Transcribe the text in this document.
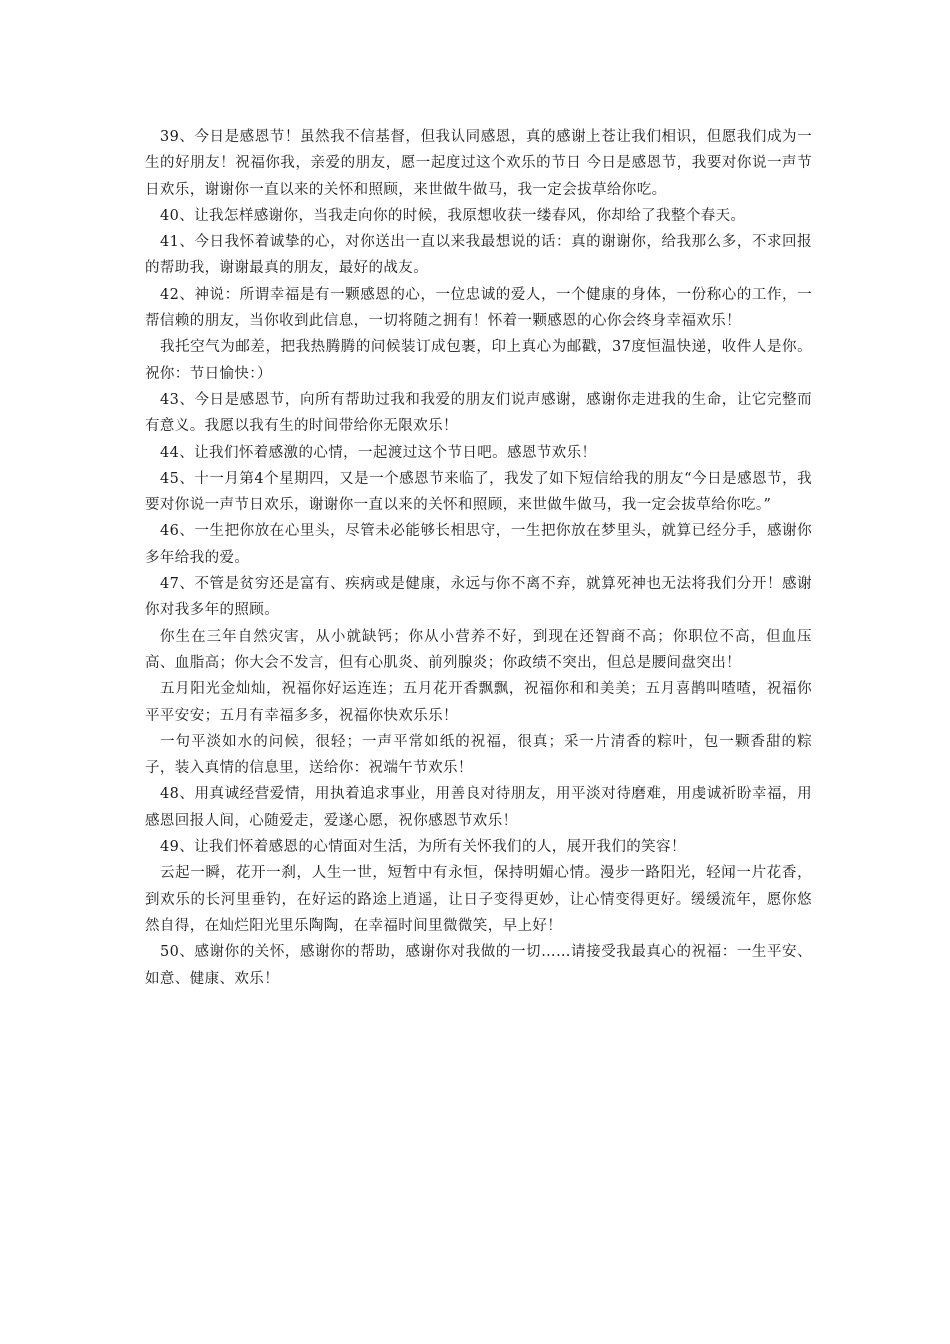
39、今日是感恩节！虽然我不信基督，但我认同感恩，真的感谢上苍让我们相识，但愿我们成为一生的好朋友！祝福你我，亲爱的朋友，愿一起度过这个欢乐的节日 今日是感恩节，我要对你说一声节日欢乐，谢谢你一直以来的关怀和照顾，来世做牛做马，我一定会拔草给你吃。

40、让我怎样感谢你，当我走向你的时候，我原想收获一缕春风，你却给了我整个春天。

41、今日我怀着诚挚的心，对你送出一直以来我最想说的话：真的谢谢你，给我那么多，不求回报的帮助我，谢谢最真的朋友，最好的战友。

42、神说：所谓幸福是有一颗感恩的心，一位忠诚的爱人，一个健康的身体，一份称心的工作，一帮信赖的朋友，当你收到此信息，一切将随之拥有！怀着一颗感恩的心你会终身幸福欢乐！

我托空气为邮差，把我热腾腾的问候装订成包裹，印上真心为邮戳，37度恒温快递，收件人是你。祝你：节日愉快：）

43、今日是感恩节，向所有帮助过我和我爱的朋友们说声感谢，感谢你走进我的生命，让它完整而有意义。我愿以我有生的时间带给你无限欢乐！

44、让我们怀着感激的心情，一起渡过这个节日吧。感恩节欢乐！

45、十一月第4个星期四，又是一个感恩节来临了，我发了如下短信给我的朋友“今日是感恩节，我要对你说一声节日欢乐，谢谢你一直以来的关怀和照顾，来世做牛做马，我一定会拔草给你吃。”

46、一生把你放在心里头，尽管未必能够长相思守，一生把你放在梦里头，就算已经分手，感谢你多年给我的爱。

47、不管是贫穷还是富有、疾病或是健康，永远与你不离不弃，就算死神也无法将我们分开！感谢你对我多年的照顾。

你生在三年自然灾害，从小就缺钙；你从小营养不好，到现在还智商不高；你职位不高，但血压高、血脂高；你大会不发言，但有心肌炎、前列腺炎；你政绩不突出，但总是腰间盘突出！

五月阳光金灿灿，祝福你好运连连；五月花开香飘飘，祝福你和和美美；五月喜鹊叫喳喳，祝福你平平安安；五月有幸福多多，祝福你快欢乐乐！

一句平淡如水的问候，很轻；一声平常如纸的祝福，很真；采一片清香的粽叶，包一颗香甜的粽子，装入真情的信息里，送给你：祝端午节欢乐！

48、用真诚经营爱情，用执着追求事业，用善良对待朋友，用平淡对待磨难，用虔诚祈盼幸福，用感恩回报人间，心随爱走，爱遂心愿，祝你感恩节欢乐！

49、让我们怀着感恩的心情面对生活，为所有关怀我们的人，展开我们的笑容！

云起一瞬，花开一刹，人生一世，短暂中有永恒，保持明媚心情。漫步一路阳光，轻闻一片花香，到欢乐的长河里垂钓，在好运的路途上逍遥，让日子变得更妙，让心情变得更好。缓缓流年，愿你悠然自得，在灿烂阳光里乐陶陶，在幸福时间里微微笑，早上好！

50、感谢你的关怀，感谢你的帮助，感谢你对我做的一切……请接受我最真心的祝福：一生平安、如意、健康、欢乐！
